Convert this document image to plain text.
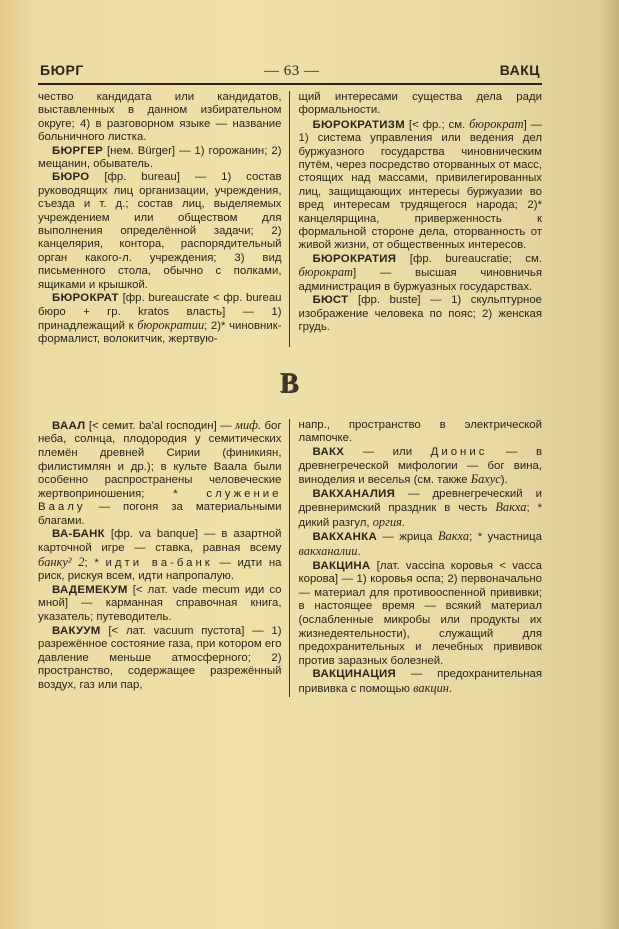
БЮРГ	— 63 —	ВАКЦ

чество кандидата или кандидатов, выставленных в данном избирательном округе; 4) в разговорном языке — название больничного листка.

БЮРГЕР [нем. Bürger] — 1) горожанин; 2) мещанин, обыватель.

БЮРО [фр. bureau] — 1) состав руководящих лиц организации, учреждения, съезда и т. д.; состав лиц, выделяемых учреждением или обществом для выполнения определённой задачи; 2) канцелярия, контора, распорядительный орган какого-л. учреждения; 3) вид письменного стола, обычно с полками, ящиками и крышкой.

БЮРОКРАТ [фр. bureaucrate < фр. bureau бюро + гр. kratos власть] — 1) принадлежащий к бюрократии; 2)* чиновник-формалист, волокитчик, жертвую-

щий интересами существа дела ради формальности.

БЮРОКРАТИЗМ [< фр.; см. бюрократ] — 1) система управления или ведения дел буржуазного государства чиновническим путём, через посредство оторванных от масс, стоящих над массами, привилегированных лиц, защищающих интересы буржуазии во вред интересам трудящегося народа; 2)* канцелярщина, приверженность к формальной стороне дела, оторванность от живой жизни, от общественных интересов.

БЮРОКРАТИЯ [фр. bureaucratie; см. бюрократ] — высшая чиновничья администрация в буржуазных государствах.

БЮСТ [фр. buste] — 1) скульптурное изображение человека по пояс; 2) женская грудь.

В

ВААЛ [< семит. ba'al господин] — миф. бог неба, солнца, плодородия у семитических племён древней Сирии (финикиян, филистимлян и др.); в культе Ваала были особенно распространены человеческие жертвоприношения; * служение Ваалу — погоня за материальными благами.

ВА-БАНК [фр. va banque] — в азартной карточной игре — ставка, равная всему банку² 2; * идти ва-банк — идти на риск, рискуя всем, идти напропалую.

ВАДЕМЕКУМ [< лат. vade mecum иди со мной] — карманная справочная книга, указатель; путеводитель.

ВАКУУМ [< лат. vacuum пустота] — 1) разрежённое состояние газа, при котором его давление меньше атмосферного; 2) пространство, содержащее разрежённый воздух, газ или пар,

напр., пространство в электрической лампочке.

ВАКХ — или Дионис — в древнегреческой мифологии — бог вина, виноделия и веселья (см. также Бахус).

ВАКХАНАЛИЯ — древнегреческий и древнеримский праздник в честь Вакха; * дикий разгул, оргия.

ВАКХАНКА — жрица Вакха; * участница вакханалии.

ВАКЦИНА [лат. vaccina коровья < vacca корова] — 1) коровья оспа; 2) первоначально — материал для противооспенной прививки; в настоящее время — всякий материал (ослабленные микробы или продукты их жизнедеятельности), служащий для предохранительных и лечебных прививок против заразных болезней.

ВАКЦИНАЦИЯ — предохранительная прививка с помощью вакцин.
